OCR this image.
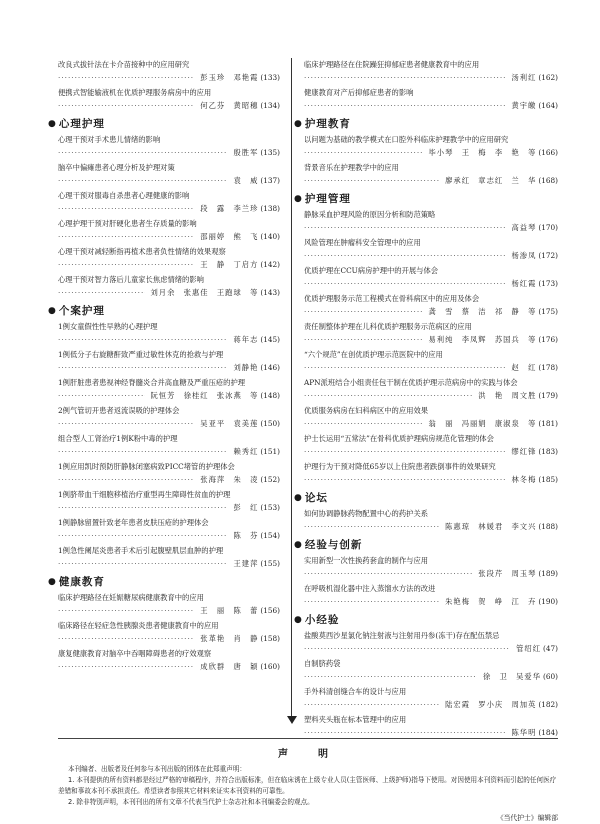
改良式拔针法在卡介苗接种中的应用研究
·····
彭玉珍　邓艳霞 (133)
便携式智能输液机在优质护理服务病房中的应用
·····
何乙芬　黄昭穗 (134)
● 心理护理
心理干预对手术患儿情绪的影响
·····
殷胜军 (135)
脑卒中偏瘫患者心理分析及护理对策
·····
袁　威 (137)
心理干预对服毒自杀患者心理健康的影响
·····
段　露　李兰珍 (138)
心理护理干预对肝硬化患者生存质量的影响
·····
邵丽婷　熊　飞 (140)
心理干预对减轻断指再植术患者负性情绪的效果观察
·····
王　静　丁启方 (142)
心理干预对智力落后儿童家长焦虑情绪的影响
·····
刘月余　张惠佳　王跑球　等 (143)
● 个案护理
1例女童假性性早熟的心理护理
·····
蒋年志 (145)
1例低分子右旋糖酐致严重过敏性休克的抢救与护理
·····
刘静艳 (146)
1例肝脏患者患视神经脊髓炎合并高血糖及严重压疮的护理
·····
阮恒芳　徐桂红　张冰燕　等 (148)
2例气管切开患者返流误吸的护理体会
·····
吴亚平　袁美莲 (150)
组合型人工肾治疗1例K粉中毒的护理
·····
赖秀红 (151)
1例应用凯时预防肝静脉闭塞病致PICC堵管的护理体会
·····
张海萍　朱　凌 (152)
1例脐带血干细胞移植治疗重型再生障碍性贫血的护理
·····
彭　红 (153)
1例静脉留置针致老年患者皮肤压疮的护理体会
·····
陈　芬 (154)
1例急性阑尾炎患者手术后引起腹壁肌层血肿的护理
·····
王建萍 (155)
● 健康教育
临床护理路径在妊娠糖尿病健康教育中的应用
·····
王　丽　陈　蕾 (156)
临床路径在轻症急性胰腺炎患者健康教育中的应用
·····
张革艳　肖　静 (158)
康复健康教育对脑卒中吞咽障碍患者的疗效观察
·····
成欣群　唐　颖 (160)
临床护理路径在住院躁狂抑郁症患者健康教育中的应用
·····
汤利红 (162)
健康教育对产后抑郁症患者的影响
·····
黄宇皦 (164)
● 护理教育
以问题为基础的教学模式在口腔外科临床护理教学中的应用研究
·····
毕小琴　王　梅　李　艳　等 (166)
背景音乐在护理教学中的应用
·····
廖承红　章志红　兰　华 (168)
● 护理管理
静脉采血护理风险的原因分析和防范策略
·····
高益琴 (170)
风险管理在肿瘤科安全管理中的应用
·····
杨渗凤 (172)
优质护理在CCU病房护理中的开展与体会
·····
杨红霞 (173)
优质护理服务示范工程模式在骨科病区中的应用及体会
·····
龚　雪　蔡　洁　祁　静　等 (175)
责任制整体护理在儿科优质护理服务示范病区的应用
·····
易利纯　李凤辉　苏国兵　等 (176)
“六个规范”在创优质护理示范医院中的应用
·····
赵　红 (178)
APN派班结合小组责任包干制在优质护理示范病房中的实践与体会
·····
洪　艳　周文胜 (179)
优质服务病房在妇科病区中的应用效果
·····
翁　丽　冯丽娟　康淑泉　等 (181)
护士长运用“五常法”在骨科优质护理病房规范化管理的体会
·····
缪红锋 (183)
护理行为干预对降低65岁以上住院患者跌倒事件的效果研究
·····
林冬梅 (185)
● 论坛
如何协调静脉药物配置中心的药护关系
·····
陈惠琼　林媛君　李文兴 (188)
● 经验与创新
实用新型一次性换药套盒的制作与应用
·····
张段芹　周玉琴 (189)
在呼吸机湿化器中注入蒸馏水方法的改进
·····
朱艳梅　贺　峥　江　卉 (190)
● 小经验
盐酸莫西沙星氯化钠注射液与注射用丹参(冻干)存在配伍禁忌
·····
管绍红 (47)
自制脐药袋
·····
徐　卫　吴爱华 (60)
手外科清创缝合车的设计与应用
·····
陆宏霞　罗小庆　周加英 (182)
塑料夹头瓶在标本管理中的应用
·····
陈华明 (184)
声　明
本刊编者、出版者及任何参与本刊出版的团体在此郑重声明：
1. 本刊提供的所有资料都是经过严格的审稿程序，并符合出版标准，但在临床诱在上级专业人员(主管医师、上级护师)指导下使用。对因使用本刊资料而引起的任何医疗差错和事故本刊不承担责任。希望读者参照其它材料来证实本刊资料的可靠性。
2. 除非特别声明，本刊刊出的所有文章不代表当代护士杂志社和本刊编委会的观点。
《当代护士》编辑部
